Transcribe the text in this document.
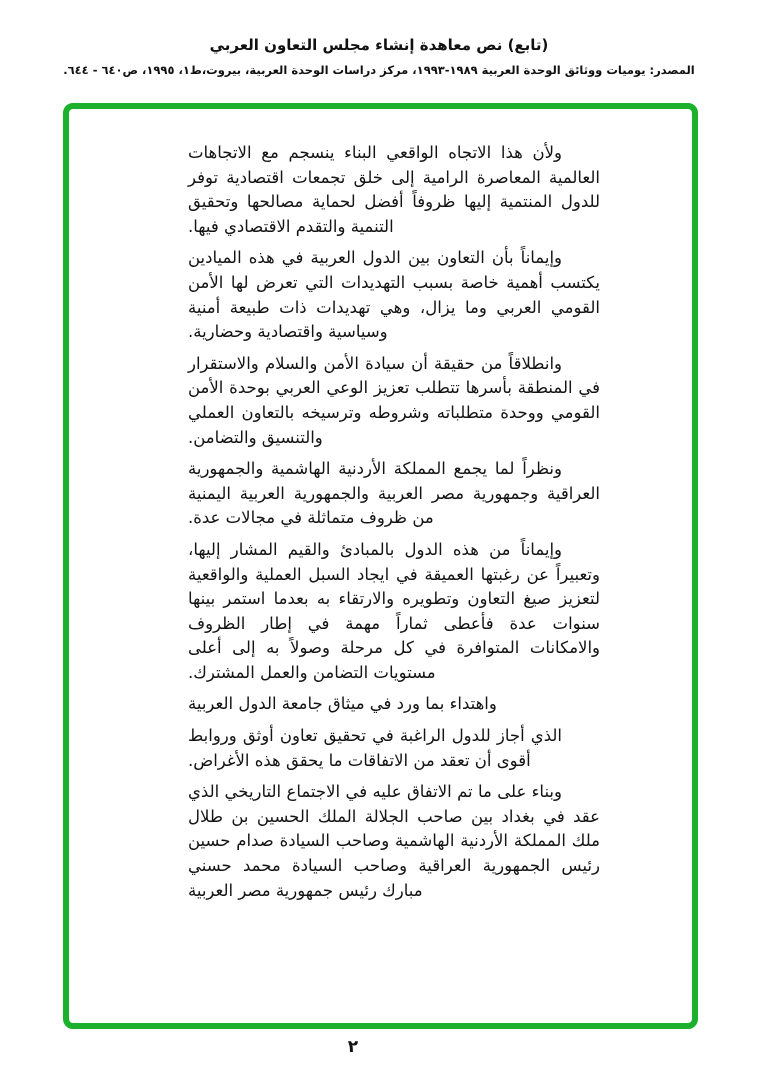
(تابع) نص معاهدة إنشاء مجلس التعاون العربي
المصدر: يوميات ووثائق الوحدة العربية ١٩٨٩-١٩٩٣، مركز دراسات الوحدة العربية، بيروت،ط١، ١٩٩٥، ص٦٤٠ - ٦٤٤.

ولأن هذا الاتجاه الواقعي البناء ينسجم مع الاتجاهات العالمية المعاصرة الرامية إلى خلق تجمعات اقتصادية توفر للدول المنتمية إليها ظروفاً أفضل لحماية مصالحها وتحقيق التنمية والتقدم الاقتصادي فيها.

وإيماناً بأن التعاون بين الدول العربية في هذه الميادين يكتسب أهمية خاصة بسبب التهديدات التي تعرض لها الأمن القومي العربي وما يزال، وهي تهديدات ذات طبيعة أمنية وسياسية واقتصادية وحضارية.

وانطلاقاً من حقيقة أن سيادة الأمن والسلام والاستقرار في المنطقة بأسرها تتطلب تعزيز الوعي العربي بوحدة الأمن القومي ووحدة متطلباته وشروطه وترسيخه بالتعاون العملي والتنسيق والتضامن.

ونظراً لما يجمع المملكة الأردنية الهاشمية والجمهورية العراقية وجمهورية مصر العربية والجمهورية العربية اليمنية من ظروف متماثلة في مجالات عدة.

وإيماناً من هذه الدول بالمبادئ والقيم المشار إليها، وتعبيراً عن رغبتها العميقة في ايجاد السبل العملية والواقعية لتعزيز صيغ التعاون وتطويره والارتقاء به بعدما استمر بينها سنوات عدة فأعطى ثماراً مهمة في إطار الظروف والامكانات المتوافرة في كل مرحلة وصولاً به إلى أعلى مستويات التضامن والعمل المشترك.

واهتداء بما ورد في ميثاق جامعة الدول العربية

الذي أجاز للدول الراغبة في تحقيق تعاون أوثق وروابط أقوى أن تعقد من الاتفاقات ما يحقق هذه الأغراض.

وبناء على ما تم الاتفاق عليه في الاجتماع التاريخي الذي عقد في بغداد بين صاحب الجلالة الملك الحسين بن طلال ملك المملكة الأردنية الهاشمية وصاحب السيادة صدام حسين رئيس الجمهورية العراقية وصاحب السيادة محمد حسني مبارك رئيس جمهورية مصر العربية

٢
